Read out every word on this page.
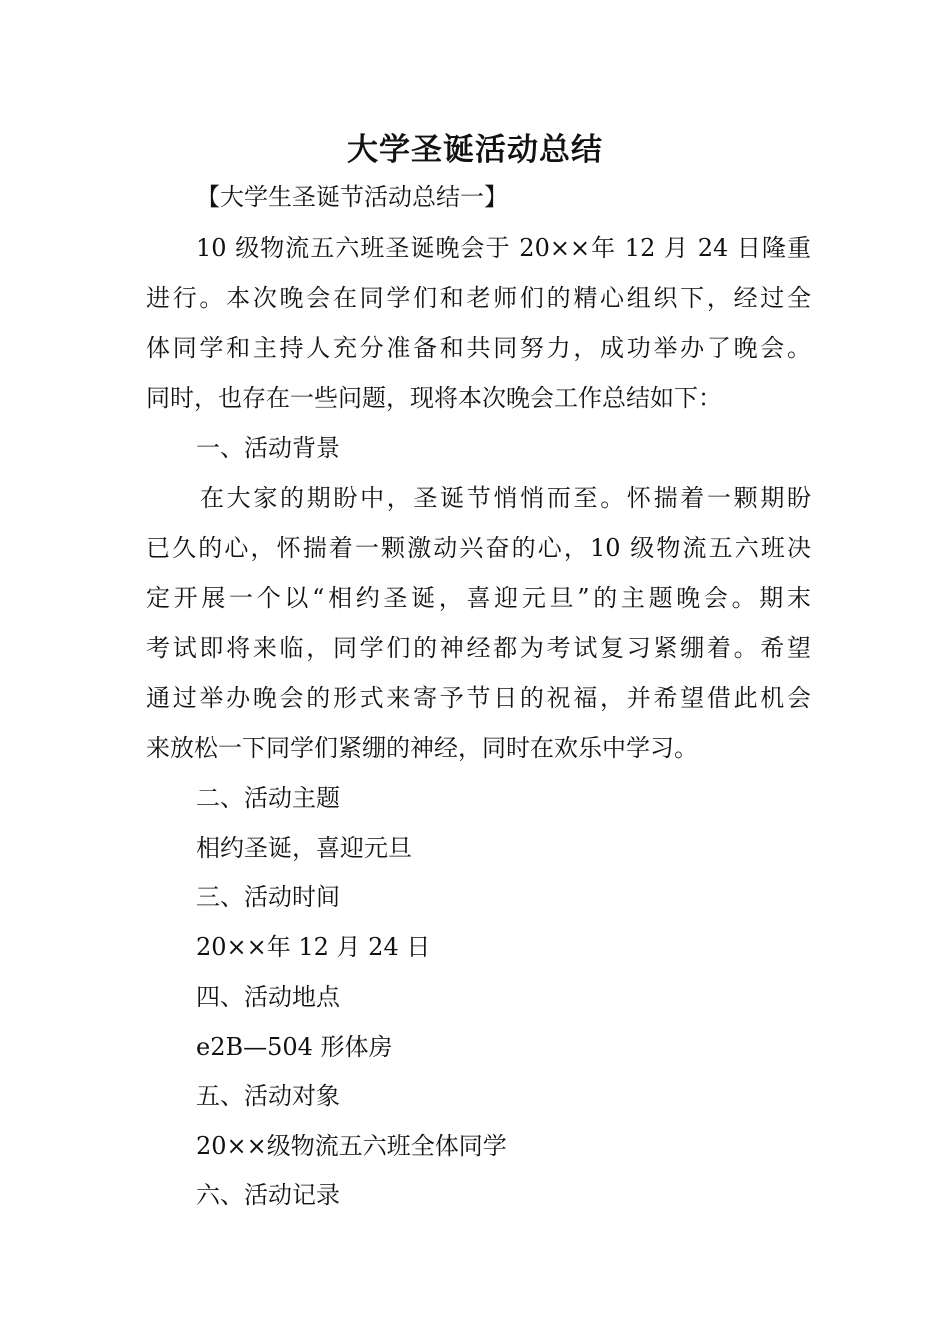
大学圣诞活动总结

【大学生圣诞节活动总结一】

10 级物流五六班圣诞晚会于 20××年 12 月 24 日隆重

进行。本次晚会在同学们和老师们的精心组织下，经过全

体同学和主持人充分准备和共同努力，成功举办了晚会。

同时，也存在一些问题，现将本次晚会工作总结如下：

一、活动背景

在大家的期盼中，圣诞节悄悄而至。怀揣着一颗期盼

已久的心，怀揣着一颗激动兴奋的心，10 级物流五六班决

定开展一个以“相约圣诞，喜迎元旦”的主题晚会。期末

考试即将来临，同学们的神经都为考试复习紧绷着。希望

通过举办晚会的形式来寄予节日的祝福，并希望借此机会

来放松一下同学们紧绷的神经，同时在欢乐中学习。

二、活动主题

相约圣诞，喜迎元旦

三、活动时间

20××年 12 月 24 日

四、活动地点

e2B—504 形体房

五、活动对象

20××级物流五六班全体同学

六、活动记录
